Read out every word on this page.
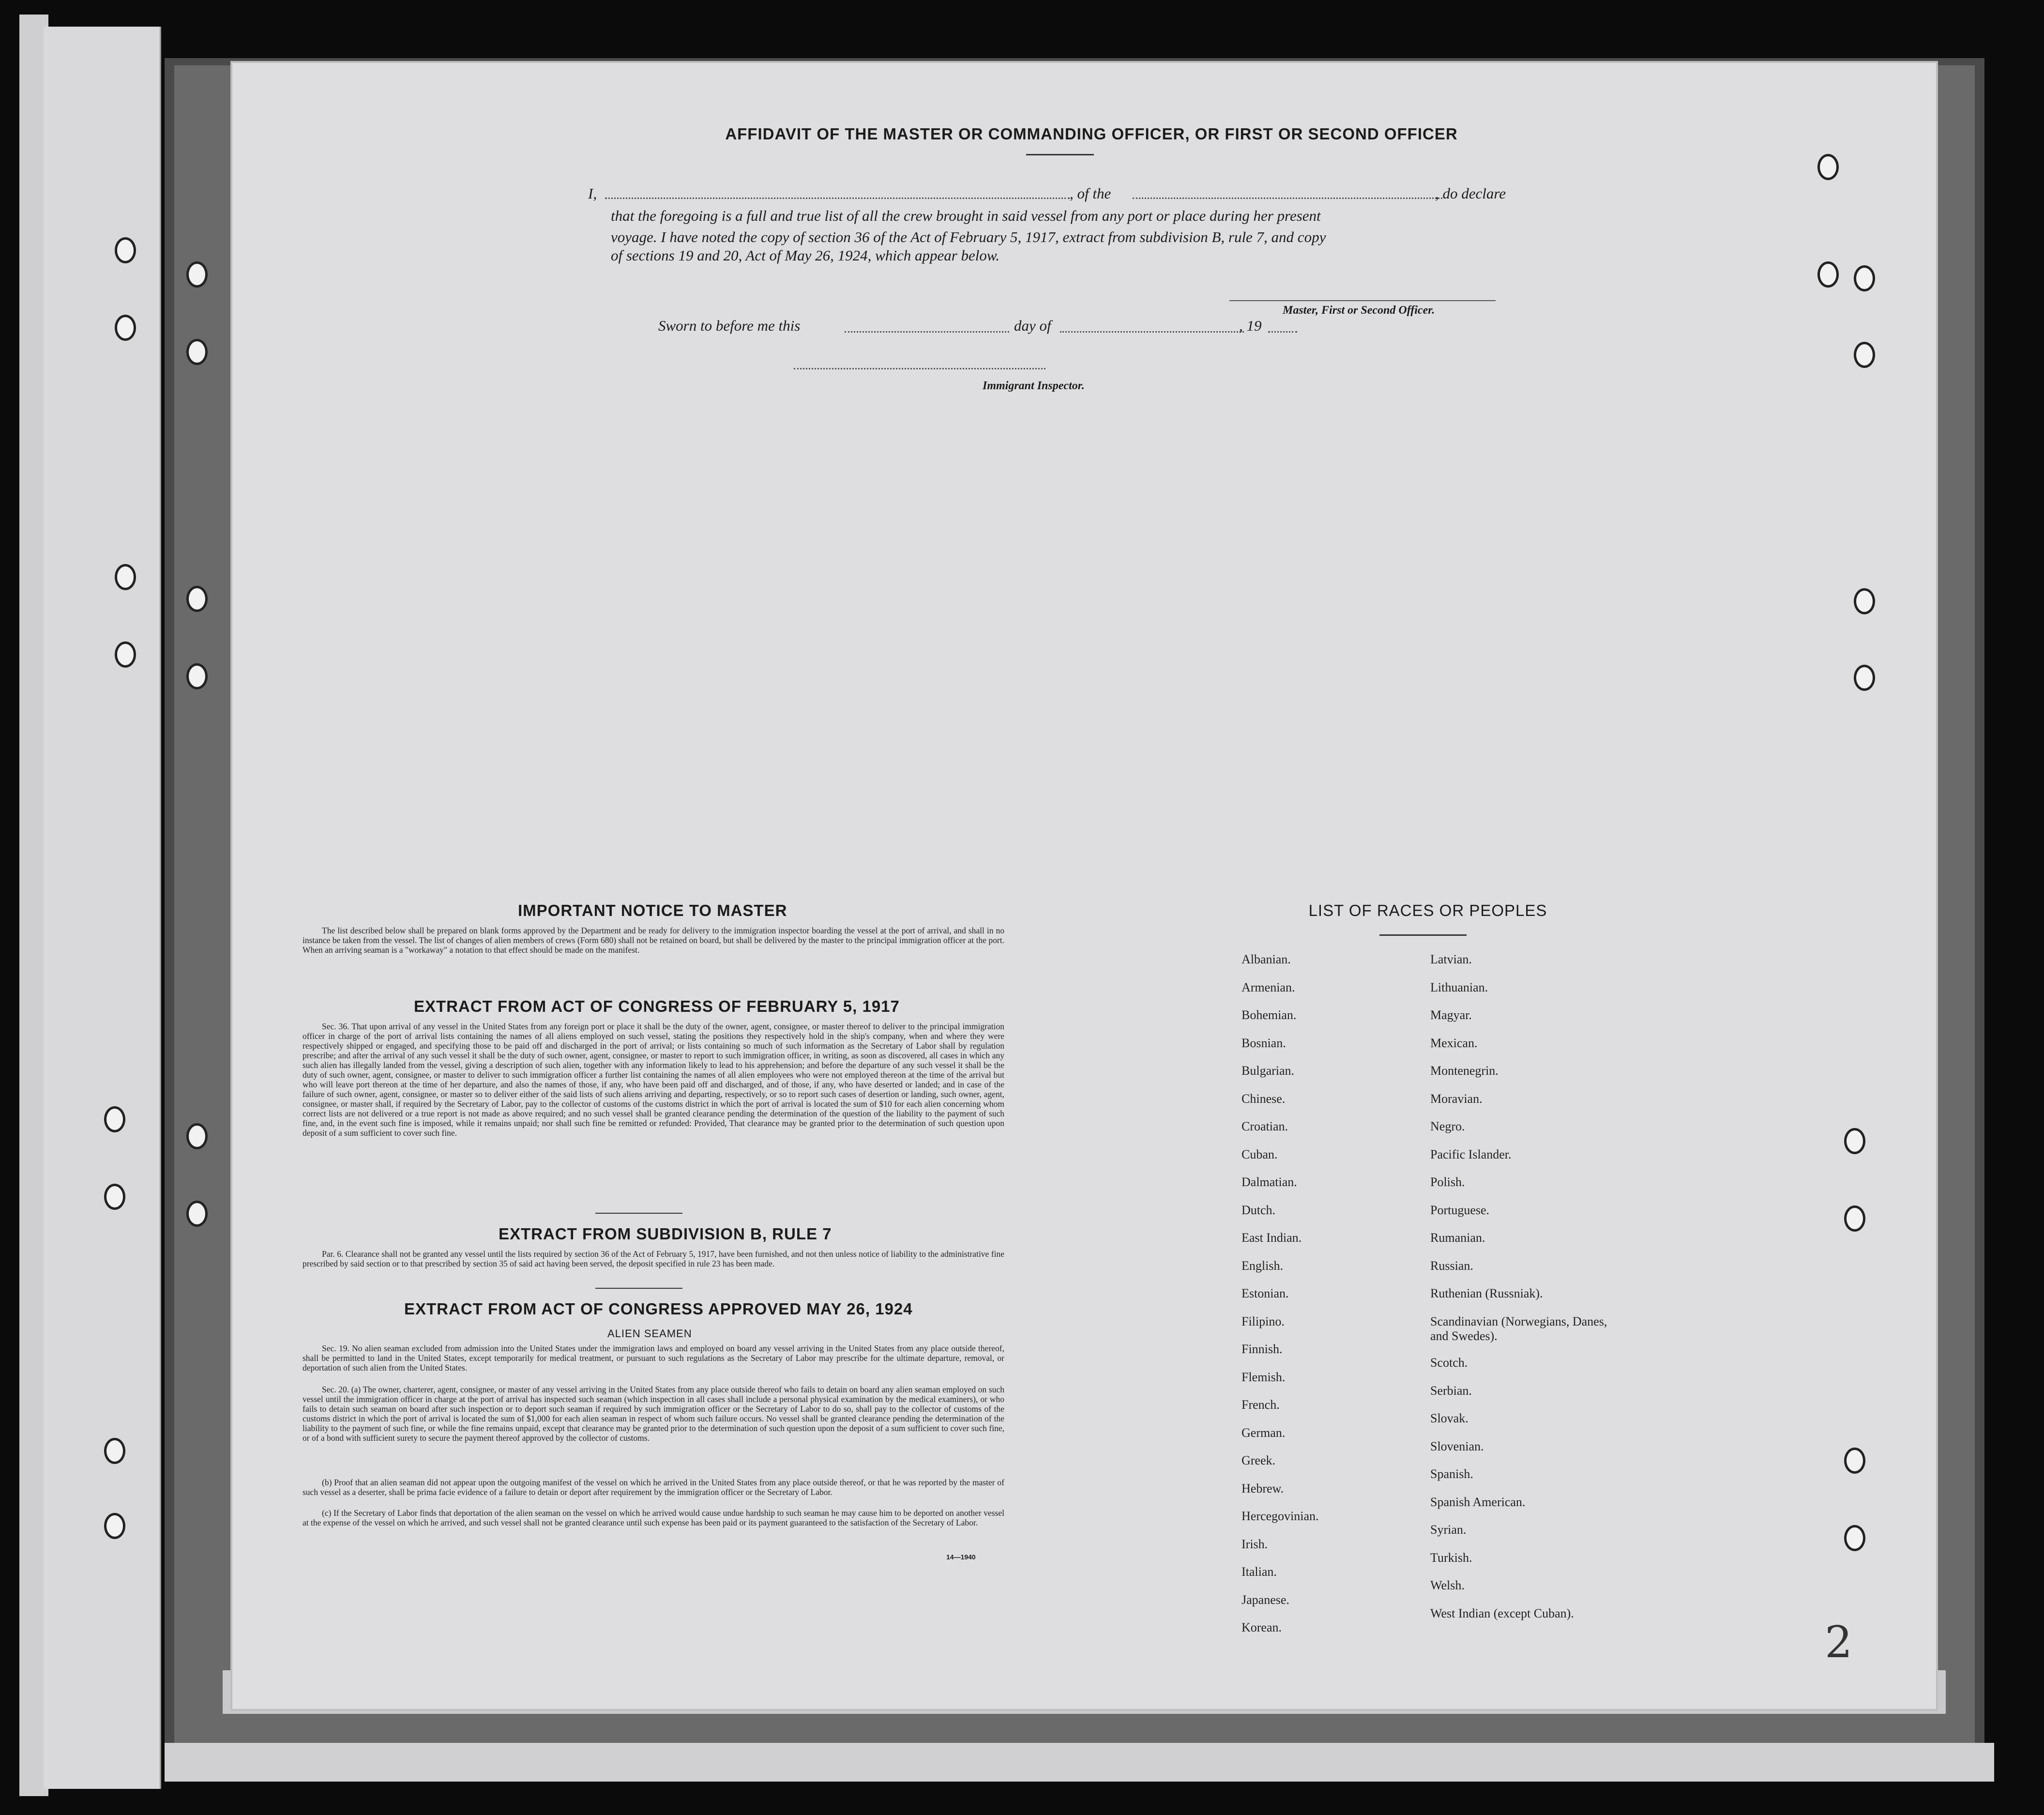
AFFIDAVIT OF THE MASTER OR COMMANDING OFFICER, OR FIRST OR SECOND OFFICER
I,	, of the	, do declare
that the foregoing is a full and true list of all the crew brought in said vessel from any port or place during her present
voyage. I have noted the copy of section 36 of the Act of February 5, 1917, extract from subdivision B, rule 7, and copy
of sections 19 and 20, Act of May 26, 1924, which appear below.
Master, First or Second Officer.
Sworn to before me this	day of	, 19
Immigrant Inspector.
IMPORTANT NOTICE TO MASTER
The list described below shall be prepared on blank forms approved by the Department and be ready for delivery to the immigration inspector boarding the vessel at the port of arrival, and shall in no instance be taken from the vessel. The list of changes of alien members of crews (Form 680) shall not be retained on board, but shall be delivered by the master to the principal immigration officer at the port. When an arriving seaman is a "workaway" a notation to that effect should be made on the manifest.
EXTRACT FROM ACT OF CONGRESS OF FEBRUARY 5, 1917
Sec. 36. That upon arrival of any vessel in the United States from any foreign port or place it shall be the duty of the owner, agent, consignee, or master thereof to deliver to the principal immigration officer in charge of the port of arrival lists containing the names of all aliens employed on such vessel, stating the positions they respectively hold in the ship's company, when and where they were respectively shipped or engaged, and specifying those to be paid off and discharged in the port of arrival; or lists containing so much of such information as the Secretary of Labor shall by regulation prescribe; and after the arrival of any such vessel it shall be the duty of such owner, agent, consignee, or master to report to such immigration officer, in writing, as soon as discovered, all cases in which any such alien has illegally landed from the vessel, giving a description of such alien, together with any information likely to lead to his apprehension; and before the departure of any such vessel it shall be the duty of such owner, agent, consignee, or master to deliver to such immigration officer a further list containing the names of all alien employees who were not employed thereon at the time of the arrival but who will leave port thereon at the time of her departure, and also the names of those, if any, who have been paid off and discharged, and of those, if any, who have deserted or landed; and in case of the failure of such owner, agent, consignee, or master so to deliver either of the said lists of such aliens arriving and departing, respectively, or so to report such cases of desertion or landing, such owner, agent, consignee, or master shall, if required by the Secretary of Labor, pay to the collector of customs of the customs district in which the port of arrival is located the sum of $10 for each alien concerning whom correct lists are not delivered or a true report is not made as above required; and no such vessel shall be granted clearance pending the determination of the question of the liability to the payment of such fine, and, in the event such fine is imposed, while it remains unpaid; nor shall such fine be remitted or refunded: Provided, That clearance may be granted prior to the determination of such question upon deposit of a sum sufficient to cover such fine.
EXTRACT FROM SUBDIVISION B, RULE 7
Par. 6. Clearance shall not be granted any vessel until the lists required by section 36 of the Act of February 5, 1917, have been furnished, and not then unless notice of liability to the administrative fine prescribed by said section or to that prescribed by section 35 of said act having been served, the deposit specified in rule 23 has been made.
EXTRACT FROM ACT OF CONGRESS APPROVED MAY 26, 1924
ALIEN SEAMEN
Sec. 19. No alien seaman excluded from admission into the United States under the immigration laws and employed on board any vessel arriving in the United States from any place outside thereof, shall be permitted to land in the United States, except temporarily for medical treatment, or pursuant to such regulations as the Secretary of Labor may prescribe for the ultimate departure, removal, or deportation of such alien from the United States.
Sec. 20. (a) The owner, charterer, agent, consignee, or master of any vessel arriving in the United States from any place outside thereof who fails to detain on board any alien seaman employed on such vessel until the immigration officer in charge at the port of arrival has inspected such seaman (which inspection in all cases shall include a personal physical examination by the medical examiners), or who fails to detain such seaman on board after such inspection or to deport such seaman if required by such immigration officer or the Secretary of Labor to do so, shall pay to the collector of customs of the customs district in which the port of arrival is located the sum of $1,000 for each alien seaman in respect of whom such failure occurs. No vessel shall be granted clearance pending the determination of the liability to the payment of such fine, or while the fine remains unpaid, except that clearance may be granted prior to the determination of such question upon the deposit of a sum sufficient to cover such fine, or of a bond with sufficient surety to secure the payment thereof approved by the collector of customs.
(b) Proof that an alien seaman did not appear upon the outgoing manifest of the vessel on which he arrived in the United States from any place outside thereof, or that he was reported by the master of such vessel as a deserter, shall be prima facie evidence of a failure to detain or deport after requirement by the immigration officer or the Secretary of Labor.
(c) If the Secretary of Labor finds that deportation of the alien seaman on the vessel on which he arrived would cause undue hardship to such seaman he may cause him to be deported on another vessel at the expense of the vessel on which he arrived, and such vessel shall not be granted clearance until such expense has been paid or its payment guaranteed to the satisfaction of the Secretary of Labor.
14—1940
LIST OF RACES OR PEOPLES
Albanian.
Armenian.
Bohemian.
Bosnian.
Bulgarian.
Chinese.
Croatian.
Cuban.
Dalmatian.
Dutch.
East Indian.
English.
Estonian.
Filipino.
Finnish.
Flemish.
French.
German.
Greek.
Hebrew.
Hercegovinian.
Irish.
Italian.
Japanese.
Korean.
Latvian.
Lithuanian.
Magyar.
Mexican.
Montenegrin.
Moravian.
Negro.
Pacific Islander.
Polish.
Portuguese.
Rumanian.
Russian.
Ruthenian (Russniak).
Scandinavian (Norwegians, Danes, and Swedes).
Scotch.
Serbian.
Slovak.
Slovenian.
Spanish.
Spanish American.
Syrian.
Turkish.
Welsh.
West Indian (except Cuban).
2
